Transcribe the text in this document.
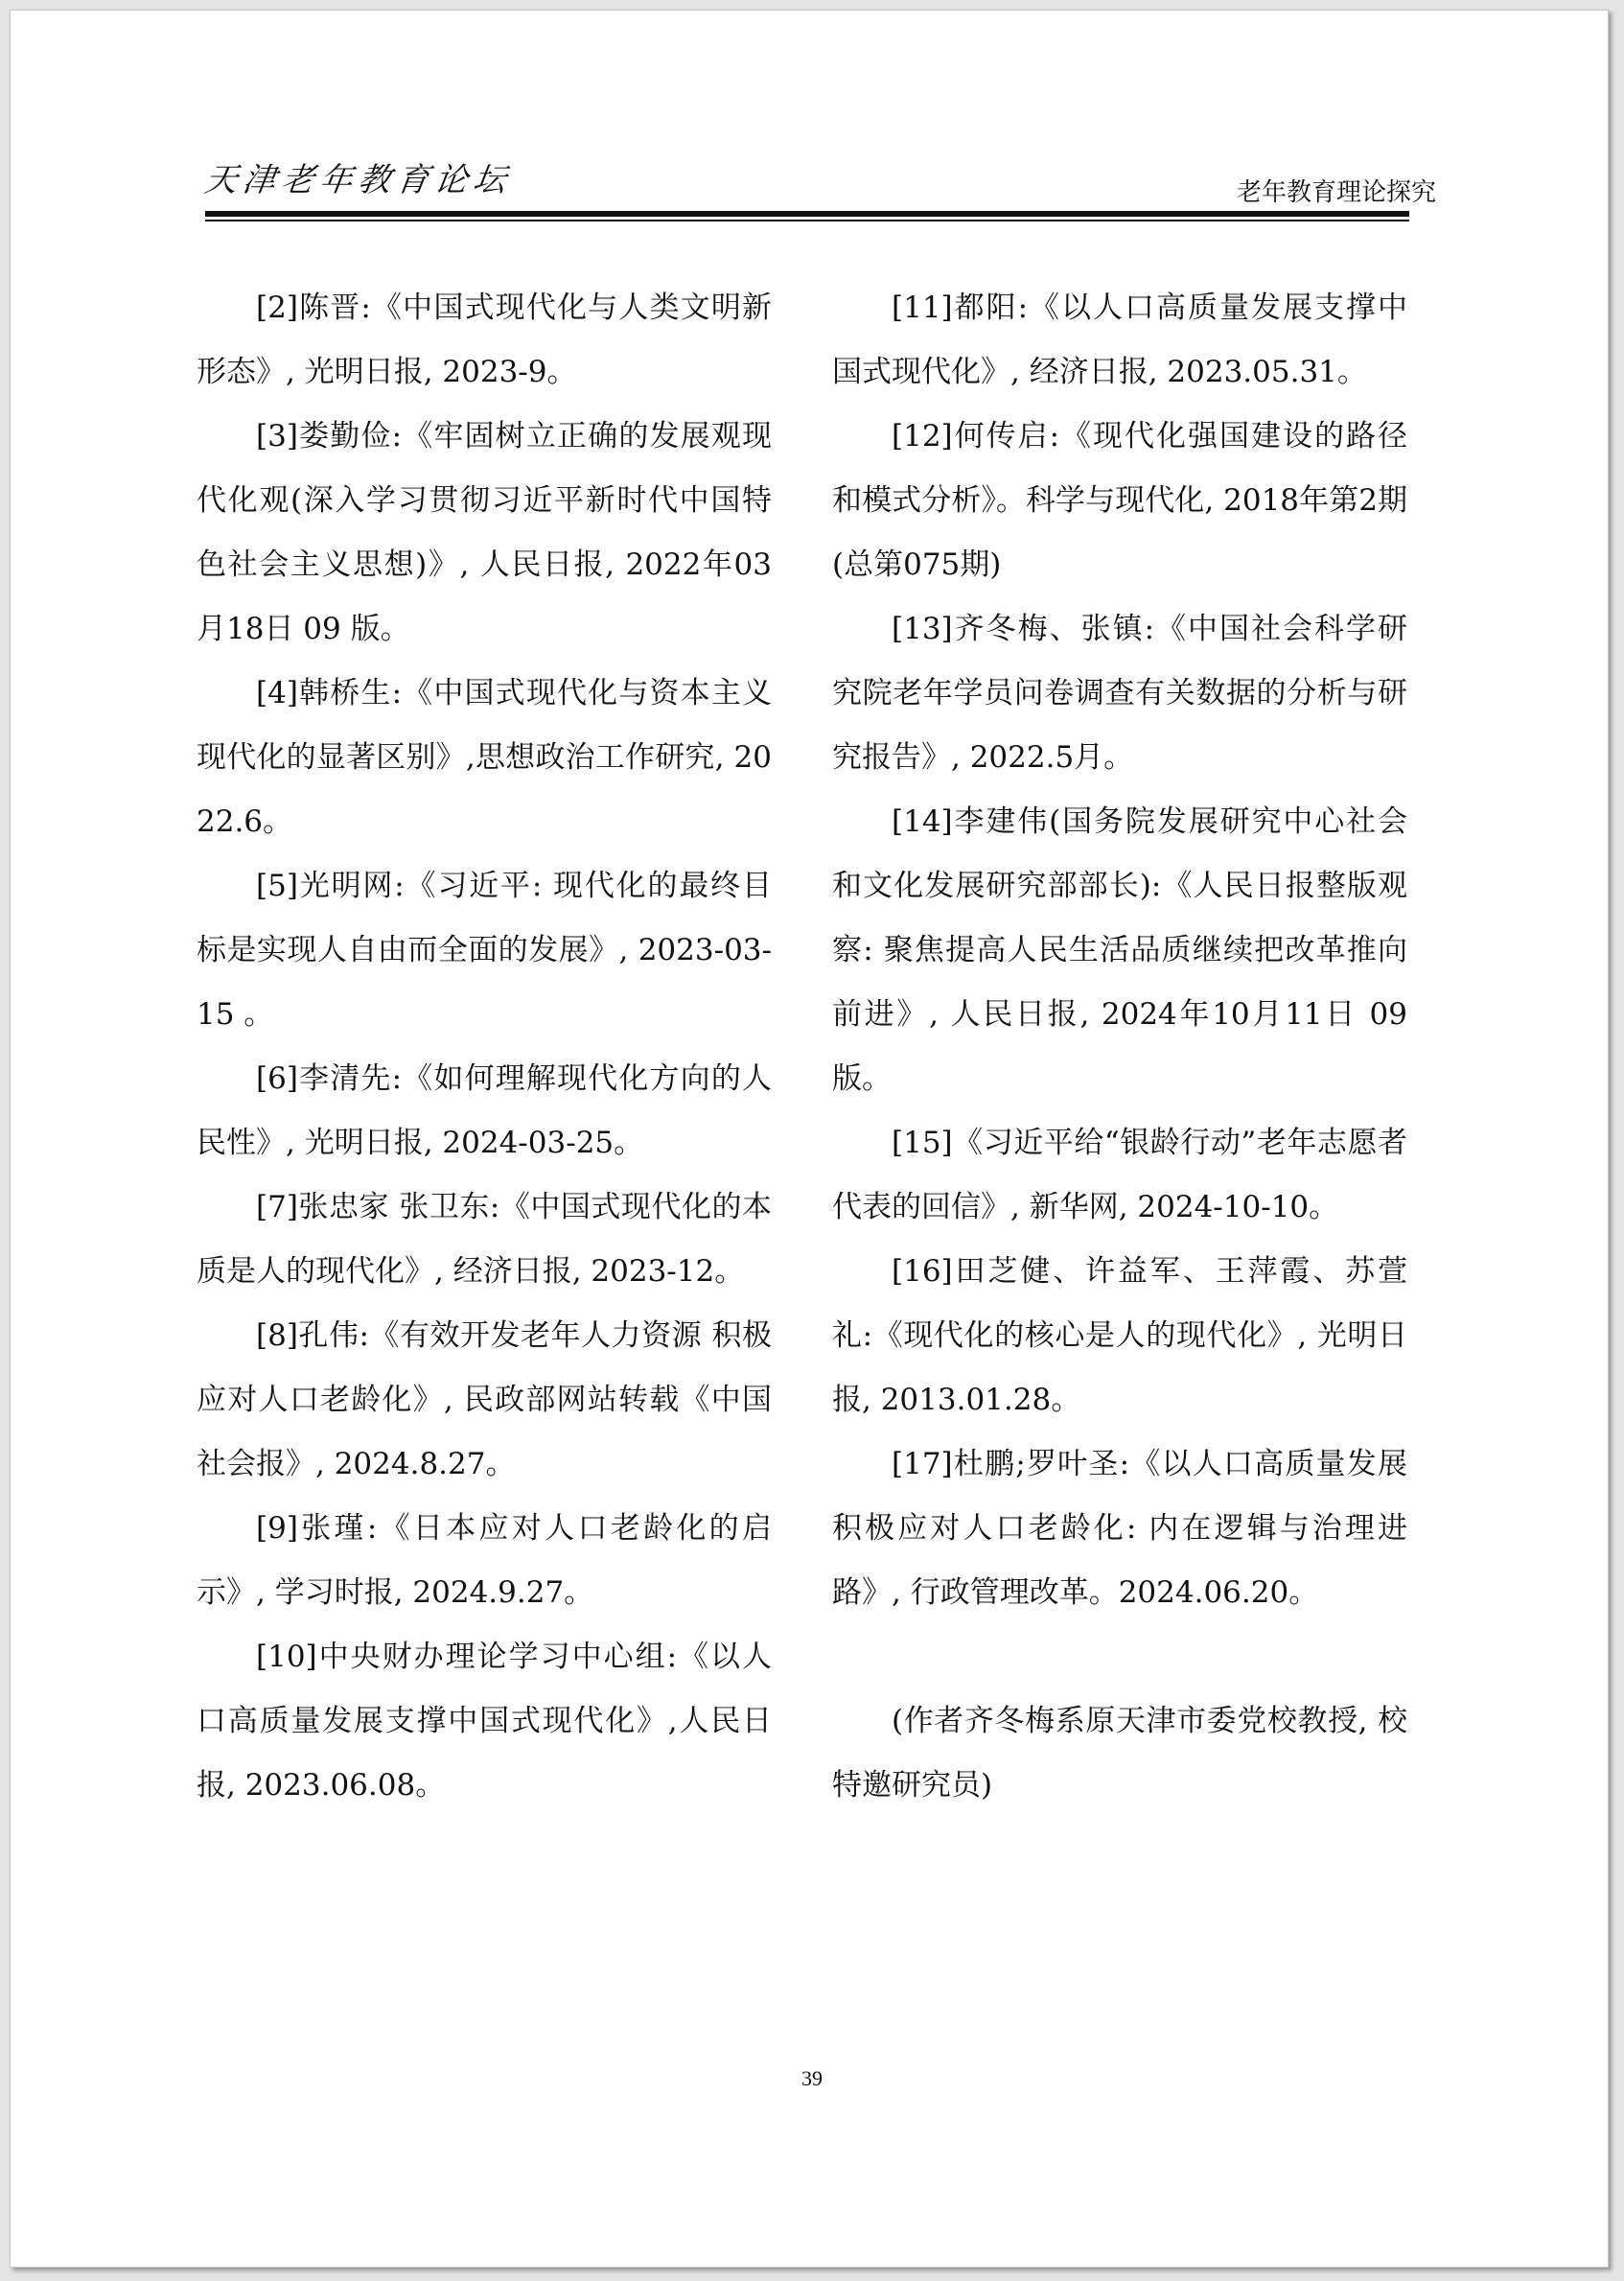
天津老年教育论坛	老年教育理论探究

[2]陈晋:《中国式现代化与人类文明新形态》, 光明日报, 2023-9。

[3]娄勤俭:《牢固树立正确的发展观现代化观(深入学习贯彻习近平新时代中国特色社会主义思想)》, 人民日报, 2022年03月18日 09 版。

[4]韩桥生:《中国式现代化与资本主义现代化的显著区别》,思想政治工作研究, 2022.6。

[5]光明网:《习近平: 现代化的最终目标是实现人自由而全面的发展》, 2023-03-15 。

[6]李清先:《如何理解现代化方向的人民性》, 光明日报, 2024-03-25。

[7]张忠家 张卫东:《中国式现代化的本质是人的现代化》, 经济日报, 2023-12。

[8]孔伟:《有效开发老年人力资源 积极应对人口老龄化》, 民政部网站转载《中国社会报》, 2024.8.27。

[9]张瑾:《日本应对人口老龄化的启示》, 学习时报, 2024.9.27。

[10]中央财办理论学习中心组:《以人口高质量发展支撑中国式现代化》,人民日报, 2023.06.08。

[11]都阳:《以人口高质量发展支撑中国式现代化》, 经济日报, 2023.05.31。

[12]何传启:《现代化强国建设的路径和模式分析》。科学与现代化, 2018年第2期(总第075期)

[13]齐冬梅、张镇:《中国社会科学研究院老年学员问卷调查有关数据的分析与研究报告》, 2022.5月。

[14]李建伟(国务院发展研究中心社会和文化发展研究部部长):《人民日报整版观察: 聚焦提高人民生活品质继续把改革推向前进》, 人民日报, 2024年10月11日 09 版。

[15]《习近平给“银龄行动”老年志愿者代表的回信》, 新华网, 2024-10-10。

[16]田芝健、许益军、王萍霞、苏萱礼:《现代化的核心是人的现代化》, 光明日报, 2013.01.28。

[17]杜鹏;罗叶圣:《以人口高质量发展积极应对人口老龄化: 内在逻辑与治理进路》, 行政管理改革。2024.06.20。

(作者齐冬梅系原天津市委党校教授, 校特邀研究员)

39
